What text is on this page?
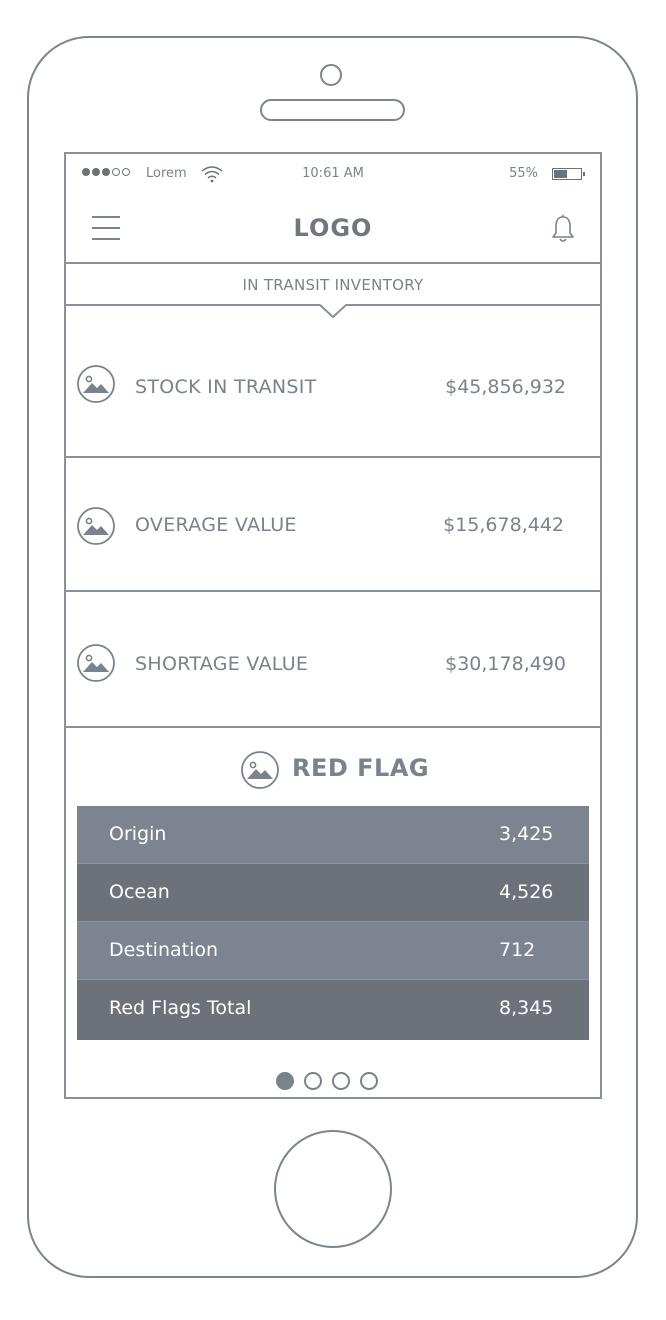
Lorem	10:61 AM	55%
LOGO
IN TRANSIT INVENTORY
STOCK IN TRANSIT	$45,856,932
OVERAGE VALUE	$15,678,442
SHORTAGE VALUE	$30,178,490
RED FLAG
Origin	3,425
Ocean	4,526
Destination	712
Red Flags Total	8,345
